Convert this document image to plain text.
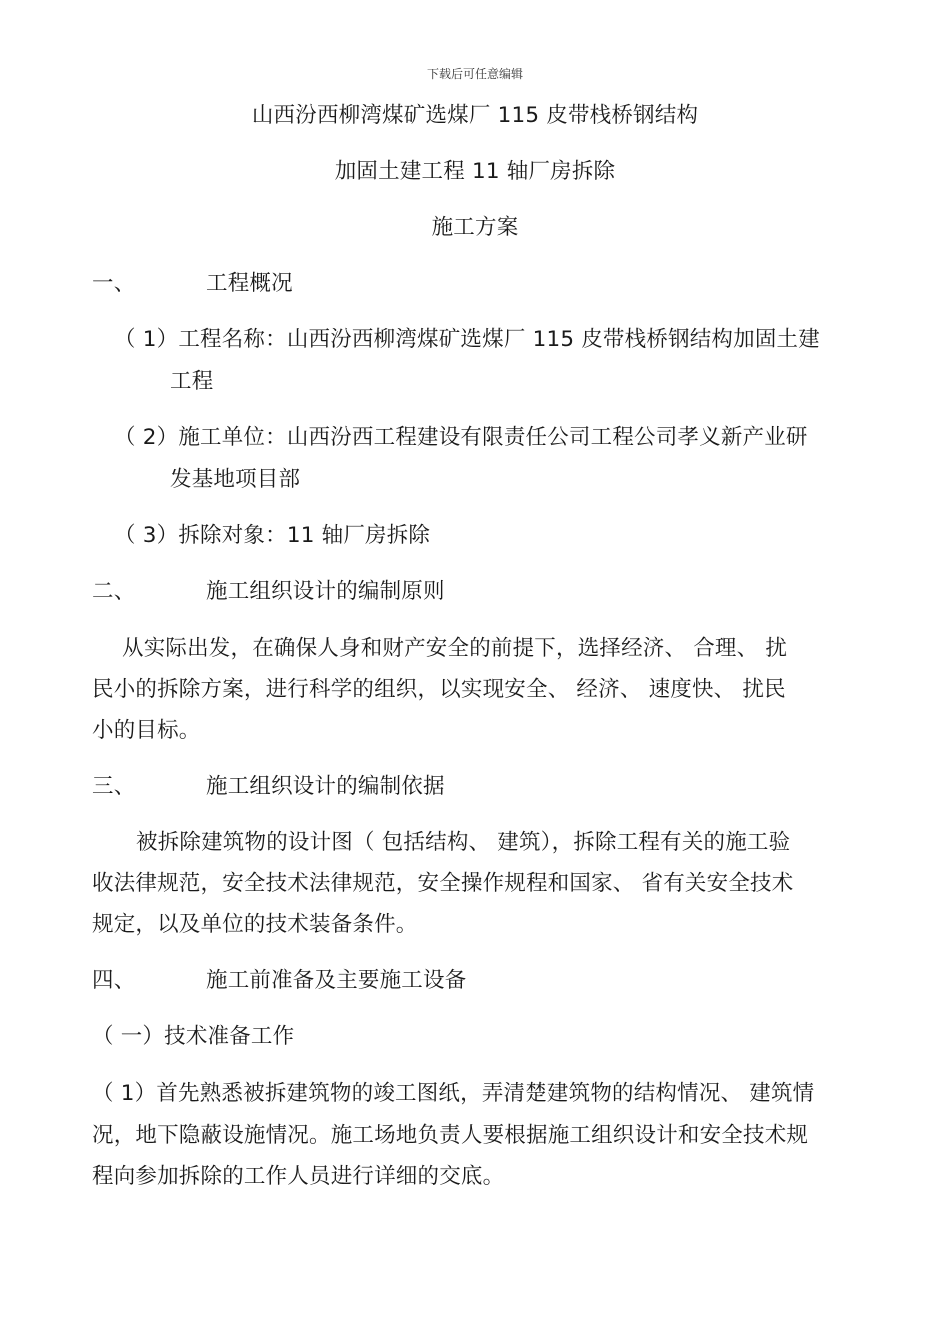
下载后可任意编辑
山西汾西柳湾煤矿选煤厂 115 皮带栈桥钢结构
加固土建工程 11 轴厂房拆除
施工方案
一、	工程概况
（ 1）工程名称：山西汾西柳湾煤矿选煤厂 115 皮带栈桥钢结构加固土建
工程
（ 2）施工单位：山西汾西工程建设有限责任公司工程公司孝义新产业研
发基地项目部
（ 3）拆除对象：11 轴厂房拆除
二、	施工组织设计的编制原则
从实际出发，在确保人身和财产安全的前提下，选择经济、 合理、 扰
民小的拆除方案，进行科学的组织，以实现安全、 经济、 速度快、 扰民
小的目标。
三、	施工组织设计的编制依据
被拆除建筑物的设计图（ 包括结构、 建筑），拆除工程有关的施工验
收法律规范，安全技术法律规范，安全操作规程和国家、 省有关安全技术
规定，以及单位的技术装备条件。
四、	施工前准备及主要施工设备
（ 一）技术准备工作
（ 1）首先熟悉被拆建筑物的竣工图纸，弄清楚建筑物的结构情况、 建筑情
况，地下隐蔽设施情况。施工场地负责人要根据施工组织设计和安全技术规
程向参加拆除的工作人员进行详细的交底。
